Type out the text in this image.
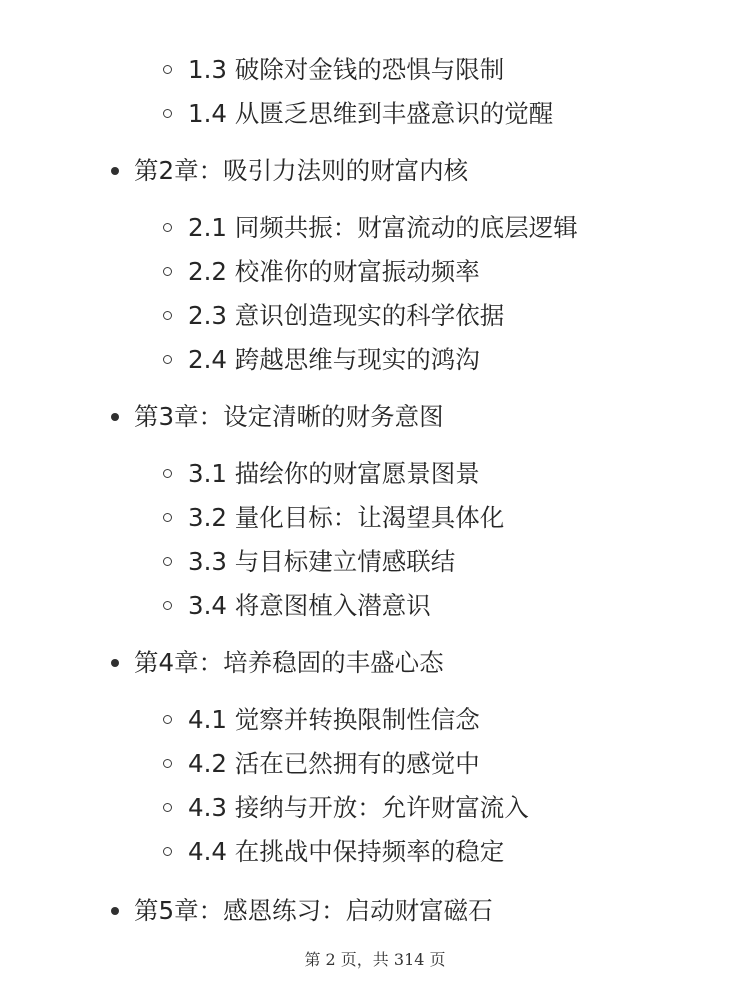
1.3 破除对金钱的恐惧与限制
1.4 从匮乏思维到丰盛意识的觉醒
第2章：吸引力法则的财富内核
2.1 同频共振：财富流动的底层逻辑
2.2 校准你的财富振动频率
2.3 意识创造现实的科学依据
2.4 跨越思维与现实的鸿沟
第3章：设定清晰的财务意图
3.1 描绘你的财富愿景图景
3.2 量化目标：让渴望具体化
3.3 与目标建立情感联结
3.4 将意图植入潜意识
第4章：培养稳固的丰盛心态
4.1 觉察并转换限制性信念
4.2 活在已然拥有的感觉中
4.3 接纳与开放：允许财富流入
4.4 在挑战中保持频率的稳定
第5章：感恩练习：启动财富磁石
第 2 页，共 314 页
